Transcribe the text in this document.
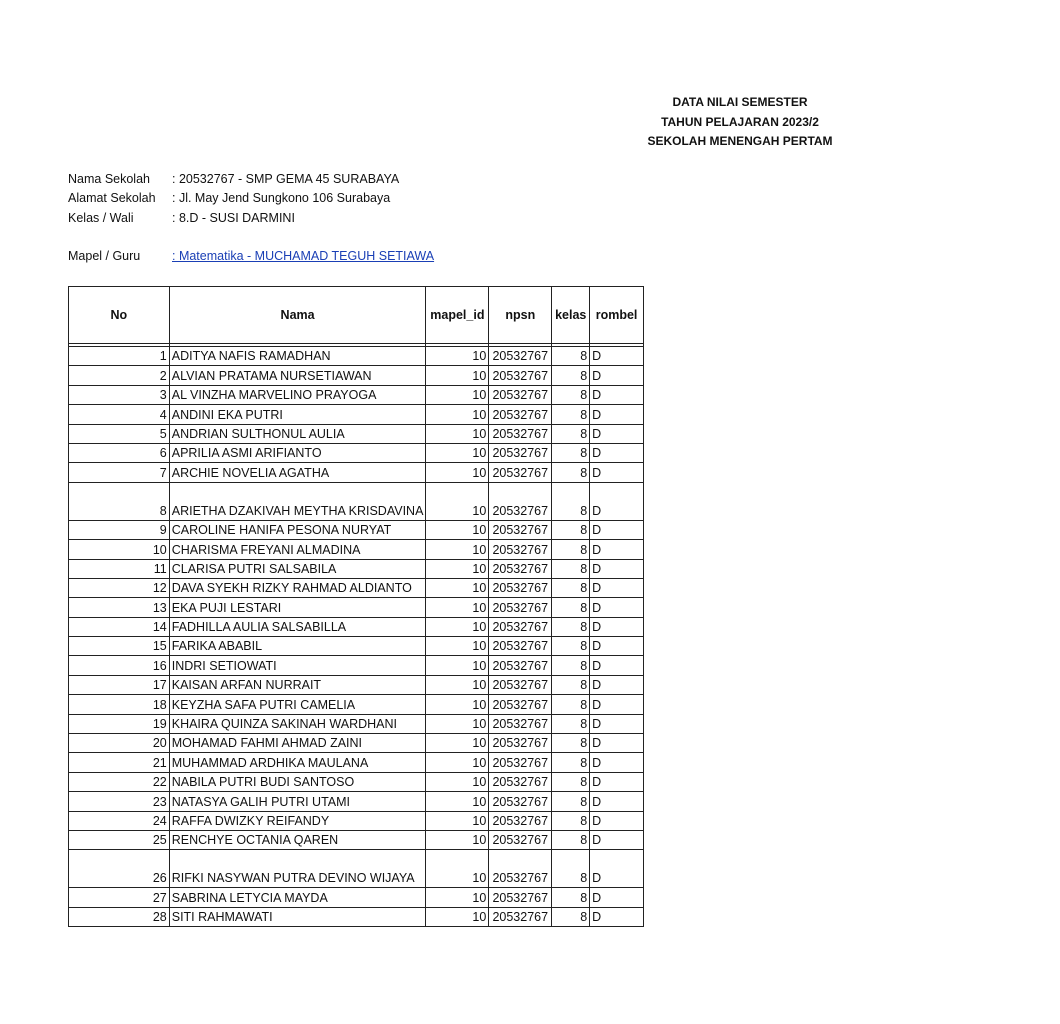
DATA NILAI SEMESTER
TAHUN PELAJARAN 2023/2
SEKOLAH MENENGAH PERTAM
Nama Sekolah : 20532767 - SMP GEMA 45 SURABAYA
Alamat Sekolah : Jl. May Jend Sungkono 106 Surabaya
Kelas / Wali	: 8.D - SUSI DARMINI
Mapel / Guru	: Matematika - MUCHAMAD TEGUH SETIAWA
No	Nama	mapel_id	npsn	kelas	rombel

1	ADITYA NAFIS RAMADHAN	10	20532767	8	D
2	ALVIAN PRATAMA NURSETIAWAN	10	20532767	8	D
3	AL VINZHA MARVELINO PRAYOGA	10	20532767	8	D
4	ANDINI EKA PUTRI	10	20532767	8	D
5	ANDRIAN SULTHONUL AULIA	10	20532767	8	D
6	APRILIA ASMI ARIFIANTO	10	20532767	8	D
7	ARCHIE NOVELIA AGATHA	10	20532767	8	D
8	ARIETHA DZAKIVAH MEYTHA KRISDAVINA	10	20532767	8	D
9	CAROLINE HANIFA PESONA NURYAT	10	20532767	8	D
10	CHARISMA FREYANI ALMADINA	10	20532767	8	D
11	CLARISA PUTRI SALSABILA	10	20532767	8	D
12	DAVA SYEKH RIZKY RAHMAD ALDIANTO	10	20532767	8	D
13	EKA PUJI LESTARI	10	20532767	8	D
14	FADHILLA AULIA SALSABILLA	10	20532767	8	D
15	FARIKA ABABIL	10	20532767	8	D
16	INDRI SETIOWATI	10	20532767	8	D
17	KAISAN ARFAN NURRAIT	10	20532767	8	D
18	KEYZHA SAFA PUTRI CAMELIA	10	20532767	8	D
19	KHAIRA QUINZA SAKINAH WARDHANI	10	20532767	8	D
20	MOHAMAD FAHMI AHMAD ZAINI	10	20532767	8	D
21	MUHAMMAD ARDHIKA MAULANA	10	20532767	8	D
22	NABILA PUTRI BUDI SANTOSO	10	20532767	8	D
23	NATASYA GALIH PUTRI UTAMI	10	20532767	8	D
24	RAFFA DWIZKY REIFANDY	10	20532767	8	D
25	RENCHYE OCTANIA QAREN	10	20532767	8	D
26	RIFKI NASYWAN PUTRA DEVINO WIJAYA	10	20532767	8	D
27	SABRINA LETYCIA MAYDA	10	20532767	8	D
28	SITI RAHMAWATI	10	20532767	8	D
